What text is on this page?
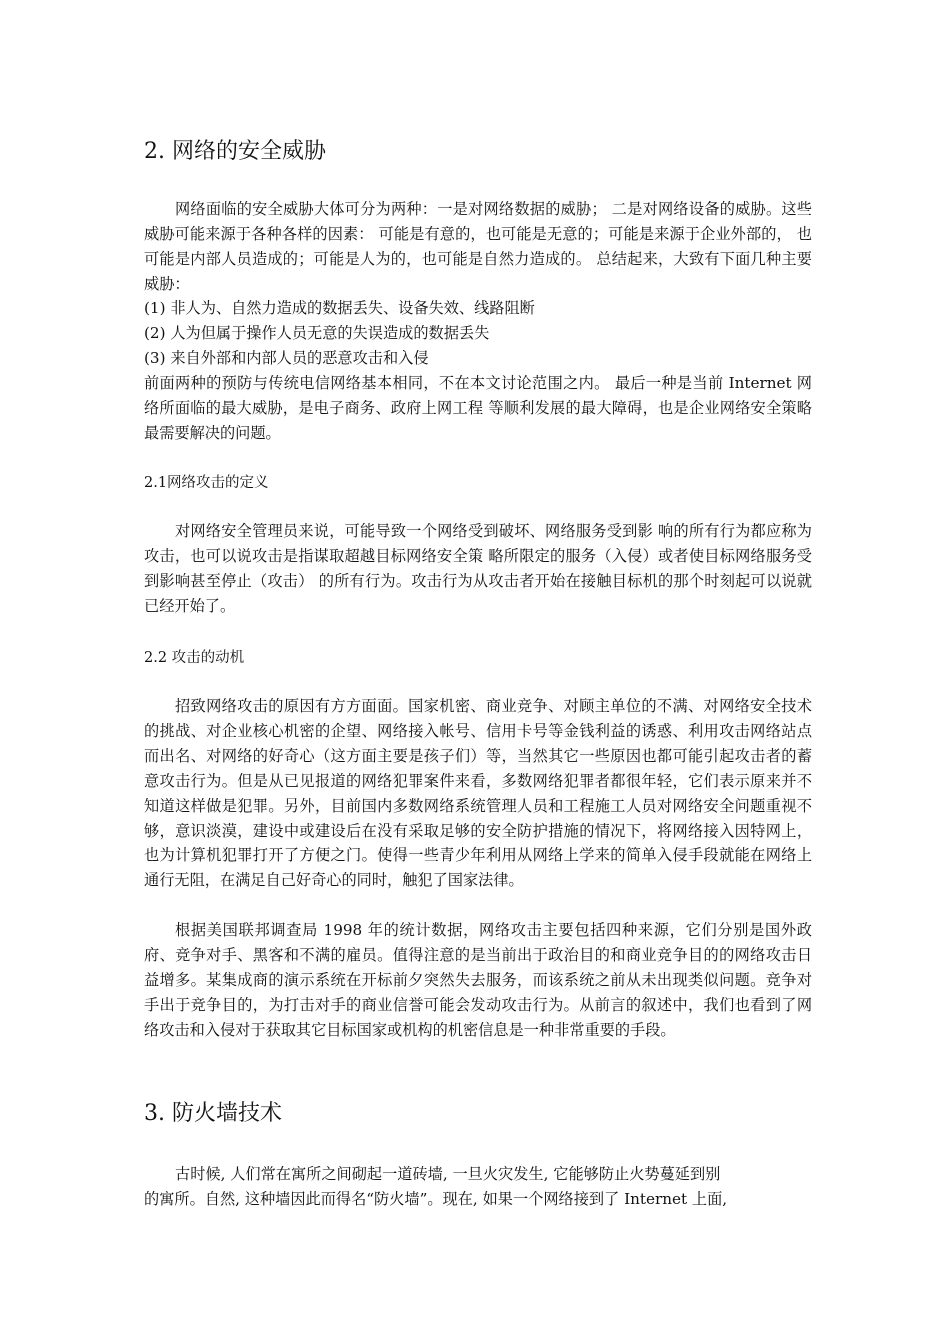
2. 网络的安全威胁
网络面临的安全威胁大体可分为两种：一是对网络数据的威胁； 二是对网络设备的威胁。这些威胁可能来源于各种各样的因素： 可能是有意的，也可能是无意的；可能是来源于企业外部的， 也可能是内部人员造成的；可能是人为的，也可能是自然力造成的。 总结起来，大致有下面几种主要威胁：
(1) 非人为、自然力造成的数据丢失、设备失效、线路阻断
(2) 人为但属于操作人员无意的失误造成的数据丢失
(3) 来自外部和内部人员的恶意攻击和入侵
前面两种的预防与传统电信网络基本相同，不在本文讨论范围之内。 最后一种是当前 Internet 网络所面临的最大威胁，是电子商务、政府上网工程 等顺利发展的最大障碍，也是企业网络安全策略最需要解决的问题。
2.1网络攻击的定义
对网络安全管理员来说，可能导致一个网络受到破坏、网络服务受到影 响的所有行为都应称为攻击，也可以说攻击是指谋取超越目标网络安全策 略所限定的服务（入侵）或者使目标网络服务受到影响甚至停止（攻击） 的所有行为。攻击行为从攻击者开始在接触目标机的那个时刻起可以说就 已经开始了。
2.2 攻击的动机
招致网络攻击的原因有方方面面。国家机密、商业竞争、对顾主单位的不满、对网络安全技术的挑战、对企业核心机密的企望、网络接入帐号、信用卡号等金钱利益的诱惑、利用攻击网络站点而出名、对网络的好奇心（这方面主要是孩子们）等，当然其它一些原因也都可能引起攻击者的蓄意攻击行为。但是从已见报道的网络犯罪案件来看，多数网络犯罪者都很年轻，它们表示原来并不知道这样做是犯罪。另外，目前国内多数网络系统管理人员和工程施工人员对网络安全问题重视不够，意识淡漠，建设中或建设后在没有采取足够的安全防护措施的情况下，将网络接入因特网上，也为计算机犯罪打开了方便之门。使得一些青少年利用从网络上学来的简单入侵手段就能在网络上通行无阻，在满足自己好奇心的同时，触犯了国家法律。
根据美国联邦调查局 1998 年的统计数据，网络攻击主要包括四种来源，它们分别是国外政府、竞争对手、黑客和不满的雇员。值得注意的是当前出于政治目的和商业竞争目的的网络攻击日益增多。某集成商的演示系统在开标前夕突然失去服务，而该系统之前从未出现类似问题。竞争对手出于竞争目的，为打击对手的商业信誉可能会发动攻击行为。从前言的叙述中，我们也看到了网络攻击和入侵对于获取其它目标国家或机构的机密信息是一种非常重要的手段。
3. 防火墙技术
古时候, 人们常在寓所之间砌起一道砖墙, 一旦火灾发生, 它能够防止火势蔓延到别
的寓所。自然, 这种墙因此而得名“防火墙”。现在, 如果一个网络接到了 Internet 上面,
